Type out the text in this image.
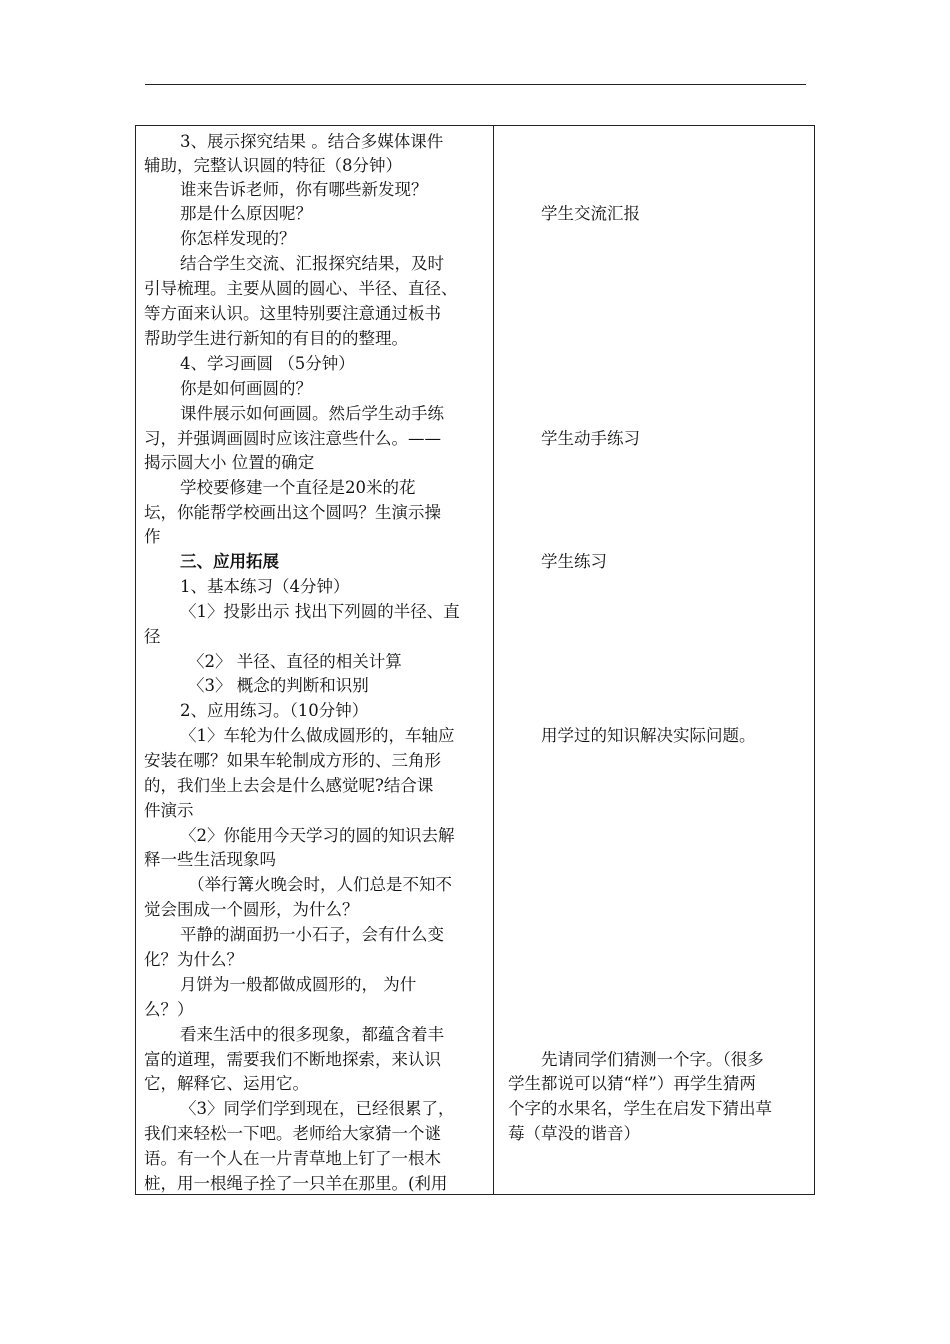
3、展示探究结果 。结合多媒体课件
辅助，完整认识圆的特征（8分钟）
谁来告诉老师，你有哪些新发现？
那是什么原因呢？
你怎样发现的？
结合学生交流、汇报探究结果，及时
引导梳理。主要从圆的圆心、半径、直径、
等方面来认识。这里特别要注意通过板书
帮助学生进行新知的有目的的整理。
4、学习画圆 （5分钟）
你是如何画圆的？
课件展示如何画圆。然后学生动手练
习，并强调画圆时应该注意些什么。——
揭示圆大小 位置的确定
学校要修建一个直径是20米的花
坛，你能帮学校画出这个圆吗？生演示操
作
三、应用拓展
1、基本练习（4分钟）
〈1〉投影出示 找出下列圆的半径、直
径
〈2〉 半径、直径的相关计算
〈3〉 概念的判断和识别
2、应用练习。（10分钟）
〈1〉车轮为什么做成圆形的，车轴应
安装在哪？如果车轮制成方形的、三角形
的，我们坐上去会是什么感觉呢?结合课
件演示
〈2〉你能用今天学习的圆的知识去解
释一些生活现象吗
（举行篝火晚会时，人们总是不知不
觉会围成一个圆形，为什么？
平静的湖面扔一小石子，会有什么变
化？为什么？
月饼为一般都做成圆形的， 为什
么？）
看来生活中的很多现象，都蕴含着丰
富的道理，需要我们不断地探索，来认识
它，解释它、运用它。
〈3〉同学们学到现在，已经很累了，
我们来轻松一下吧。老师给大家猜一个谜
语。有一个人在一片青草地上钉了一根木
桩，用一根绳子拴了一只羊在那里。(利用
学生交流汇报
学生动手练习
学生练习
用学过的知识解决实际问题。
先请同学们猜测一个字。（很多
学生都说可以猜“样”）再学生猜两
个字的水果名，学生在启发下猜出草
莓（草没的谐音）
